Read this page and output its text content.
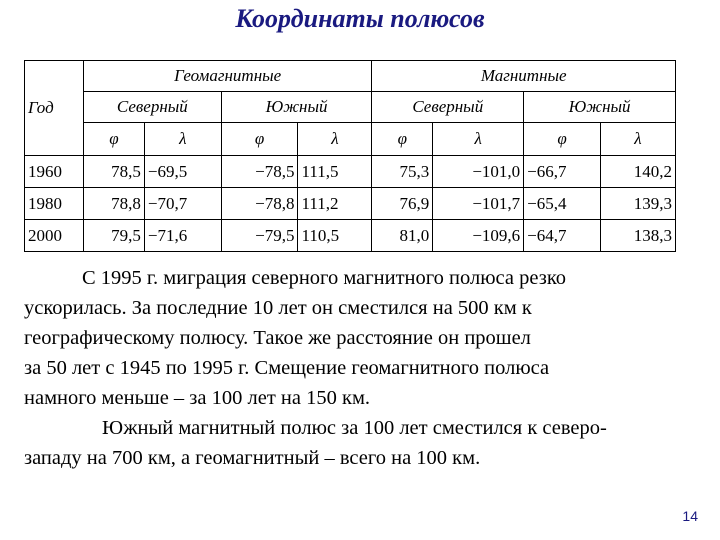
Координаты полюсов
Год	Геомагнитные				Магнитные			
	Северный		Южный		Северный		Южный	
	φ	λ	φ	λ	φ	λ	φ	λ
1960	78,5	−69,5	−78,5	111,5	75,3	−101,0	−66,7	140,2
1980	78,8	−70,7	−78,8	111,2	76,9	−101,7	−65,4	139,3
2000	79,5	−71,6	−79,5	110,5	81,0	−109,6	−64,7	138,3

С 1995 г. миграция северного магнитного полюса резко

ускорилась. За последние 10 лет он сместился на 500 км к

географическому полюсу. Такое же расстояние он прошел

за 50 лет с 1945 по 1995 г. Смещение геомагнитного полюса

намного меньше – за 100 лет на 150 км.

Южный магнитный полюс за 100 лет сместился к северо-

западу на 700 км, а геомагнитный – всего на 100 км.

14
